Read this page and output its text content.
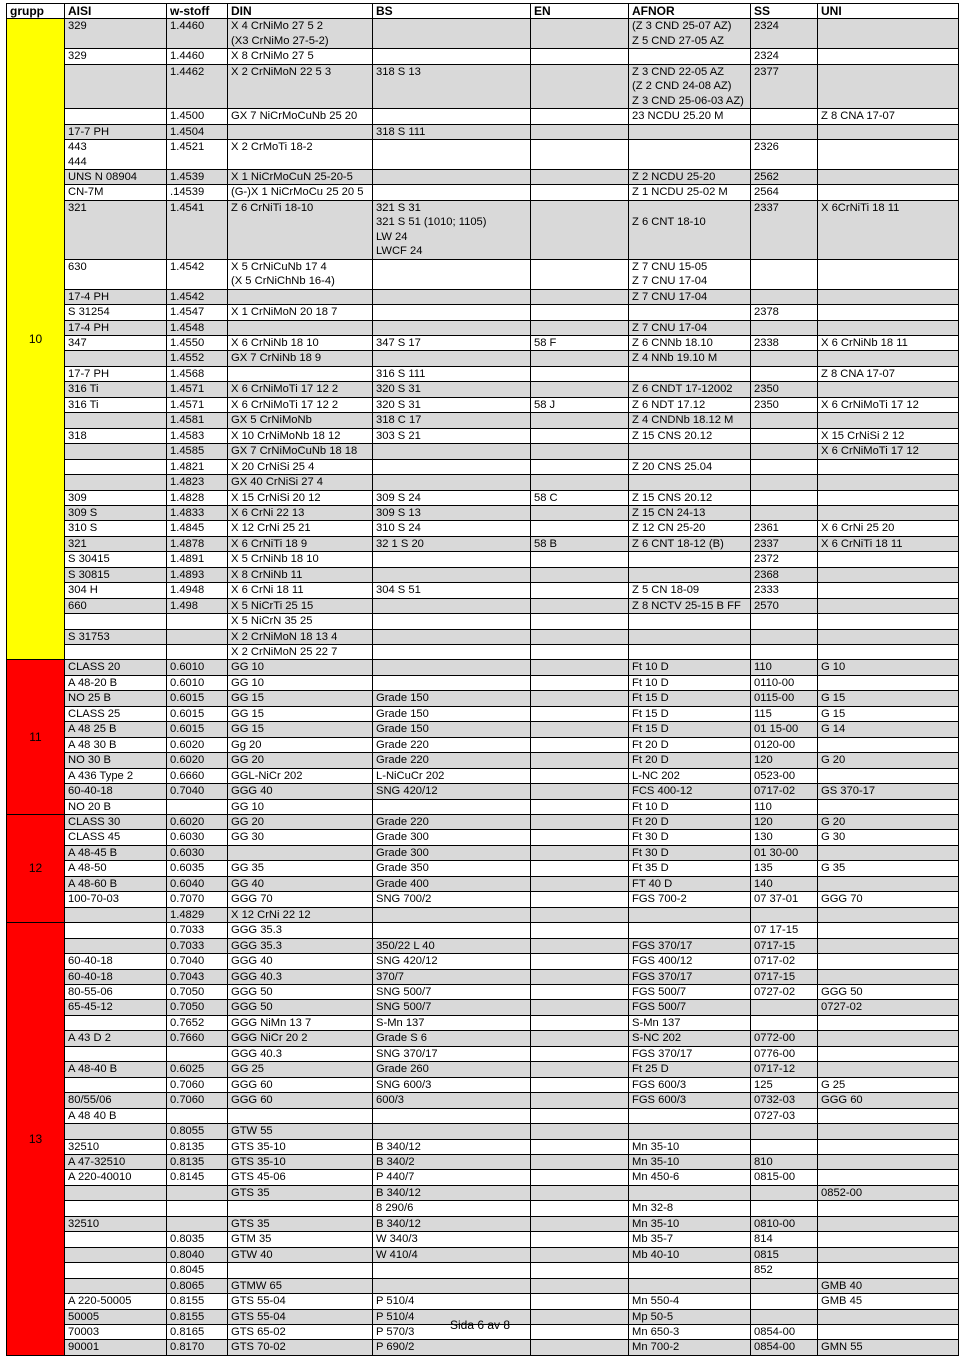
grupp	AISI	w-stoff	DIN	BS	EN	AFNOR	SS	UNI
10	329	1.4460	X 4 CrNiMo 27 5 2			(Z 3 CND 25-07 AZ)	2324	
			(X3 CrNiMo 27-5-2)			Z 5 CND 27-05 AZ		
	329	1.4460	X 8 CrNiMo 27 5				2324	
		1.4462	X 2 CrNiMoN 22 5 3	318 S 13		Z 3 CND 22-05 AZ	2377	
						(Z 2 CND 24-08 AZ)		
						Z 3 CND 25-06-03 AZ)		
		1.4500	GX 7 NiCrMoCuNb 25 20			23 NCDU 25.20 M		Z 8 CNA 17-07
	17-7 PH	1.4504		318 S 111				
	443	1.4521	X 2 CrMoTi 18-2				2326	
	444							
	UNS N 08904	1.4539	X 1 NiCrMoCuN 25-20-5			Z 2 NCDU 25-20	2562	
	CN-7M	.14539	(G-)X 1 NiCrMoCu 25 20 5			Z 1 NCDU 25-02 M	2564	
	321	1.4541	Z 6 CrNiTi 18-10	321 S 31			2337	X 6CrNiTi 18 11
				321 S 51 (1010; 1105)		Z 6 CNT 18-10		
				LW 24				
				LWCF 24				
	630	1.4542	X 5 CrNiCuNb 17 4			Z 7 CNU 15-05		
			(X 5 CrNiChNb 16-4)			Z 7 CNU 17-04		
	17-4 PH	1.4542				Z 7 CNU 17-04		
	S 31254	1.4547	X 1 CrNiMoN 20 18 7				2378	
	17-4 PH	1.4548				Z 7 CNU 17-04		
	347	1.4550	X 6 CrNiNb 18 10	347 S 17	58 F	Z 6 CNNb 18.10	2338	X 6 CrNiNb 18 11
		1.4552	GX 7 CrNiNb 18 9			Z 4 NNb 19.10 M		
	17-7 PH	1.4568		316 S 111				Z 8 CNA 17-07
	316 Ti	1.4571	X 6 CrNiMoTi 17 12 2	320 S 31		Z 6 CNDT 17-12002	2350	
	316 Ti	1.4571	X 6 CrNiMoTi 17 12 2	320 S 31	58 J	Z 6 NDT 17.12	2350	X 6 CrNiMoTi 17 12
		1.4581	GX 5 CrNiMoNb	318 C 17		Z 4 CNDNb 18.12 M		
	318	1.4583	X 10 CrNiMoNb 18 12	303 S 21		Z 15 CNS 20.12		X 15 CrNiSi 2 12
		1.4585	GX 7 CrNiMoCuNb 18 18					X 6 CrNiMoTi 17 12
		1.4821	X 20 CrNiSi 25 4			Z 20 CNS 25.04		
		1.4823	GX 40 CrNiSi 27 4					
	309	1.4828	X 15 CrNiSi 20 12	309 S 24	58 C	Z 15 CNS 20.12		
	309 S	1.4833	X 6 CrNi 22 13	309 S 13		Z 15 CN 24-13		
	310 S	1.4845	X 12 CrNi 25 21	310 S 24		Z 12 CN 25-20	2361	X 6 CrNi 25 20
	321	1.4878	X 6 CrNiTi 18 9	32 1 S 20	58 B	Z 6 CNT 18-12 (B)	2337	X 6 CrNiTi 18 11
	S 30415	1.4891	X 5 CrNiNb 18 10				2372	
	S 30815	1.4893	X 8 CrNiNb 11				2368	
	304 H	1.4948	X 6 CrNi 18 11	304 S 51		Z 5 CN 18-09	2333	
	660	1.498	X 5 NiCrTi 25 15			Z 8 NCTV 25-15 B FF	2570	
			X 5 NiCrN 35 25					
	S 31753		X 2 CrNiMoN 18 13 4					
			X 2 CrNiMoN 25 22 7					
11	CLASS 20	0.6010	GG 10			Ft 10 D	110	G 10
	A 48-20 B	0.6010	GG 10			Ft 10 D	0110-00	
	NO 25 B	0.6015	GG 15	Grade 150		Ft 15 D	0115-00	G 15
	CLASS 25	0.6015	GG 15	Grade 150		Ft 15 D	115	G 15
	A 48 25 B	0.6015	GG 15	Grade 150		Ft 15 D	01 15-00	G 14
	A 48 30 B	0.6020	Gg 20	Grade 220		Ft 20 D	0120-00	
	NO 30 B	0.6020	GG 20	Grade 220		Ft 20 D	120	G 20
	A 436 Type 2	0.6660	GGL-NiCr 202	L-NiCuCr 202		L-NC 202	0523-00	
	60-40-18	0.7040	GGG 40	SNG 420/12		FCS 400-12	0717-02	GS 370-17
	NO 20 B		GG 10			Ft 10 D	110	
12	CLASS 30	0.6020	GG 20	Grade 220		Ft 20 D	120	G 20
	CLASS 45	0.6030	GG 30	Grade 300		Ft 30 D	130	G 30
	A 48-45 B	0.6030		Grade 300		Ft 30 D	01 30-00	
	A 48-50	0.6035	GG 35	Grade 350		Ft 35 D	135	G 35
	A 48-60 B	0.6040	GG 40	Grade 400		FT 40 D	140	
	100-70-03	0.7070	GGG 70	SNG 700/2		FGS 700-2	07 37-01	GGG 70
		1.4829	X 12 CrNi 22 12					
13		0.7033	GGG 35.3				07 17-15	
		0.7033	GGG 35.3	350/22 L 40		FGS 370/17	0717-15	
	60-40-18	0.7040	GGG 40	SNG 420/12		FGS 400/12	0717-02	
	60-40-18	0.7043	GGG 40.3	370/7		FGS 370/17	0717-15	
	80-55-06	0.7050	GGG 50	SNG 500/7		FGS 500/7	0727-02	GGG 50
	65-45-12	0.7050	GGG 50	SNG 500/7		FGS 500/7		0727-02
		0.7652	GGG NiMn 13 7	S-Mn 137		S-Mn 137		
	A 43 D 2	0.7660	GGG NiCr 20 2	Grade S 6		S-NC 202	0772-00	
			GGG 40.3	SNG 370/17		FGS 370/17	0776-00	
	A 48-40 B	0.6025	GG 25	Grade 260		Ft 25 D	0717-12	
		0.7060	GGG 60	SNG 600/3		FGS 600/3	125	G 25
	80/55/06	0.7060	GGG 60	600/3		FGS 600/3	0732-03	GGG 60
	A 48 40 B						0727-03	
		0.8055	GTW 55					
	32510	0.8135	GTS 35-10	B 340/12		Mn 35-10		
	A 47-32510	0.8135	GTS 35-10	B 340/2		Mn 35-10	810	
	A 220-40010	0.8145	GTS 45-06	P 440/7		Mn 450-6	0815-00	
			GTS 35	B 340/12				0852-00
				8 290/6		Mn 32-8		
	32510		GTS 35	B 340/12		Mn 35-10	0810-00	
		0.8035	GTM 35	W 340/3		Mb 35-7	814	
		0.8040	GTW 40	W 410/4		Mb 40-10	0815	
		0.8045					852	
		0.8065	GTMW 65					GMB 40
	A 220-50005	0.8155	GTS 55-04	P 510/4		Mn 550-4		GMB 45
	50005	0.8155	GTS 55-04	P 510/4		Mp 50-5		
	70003	0.8165	GTS 65-02	P 570/3		Mn 650-3	0854-00	
	90001	0.8170	GTS 70-02	P 690/2		Mn 700-2	0854-00	GMN 55
Sida 6 av 8
